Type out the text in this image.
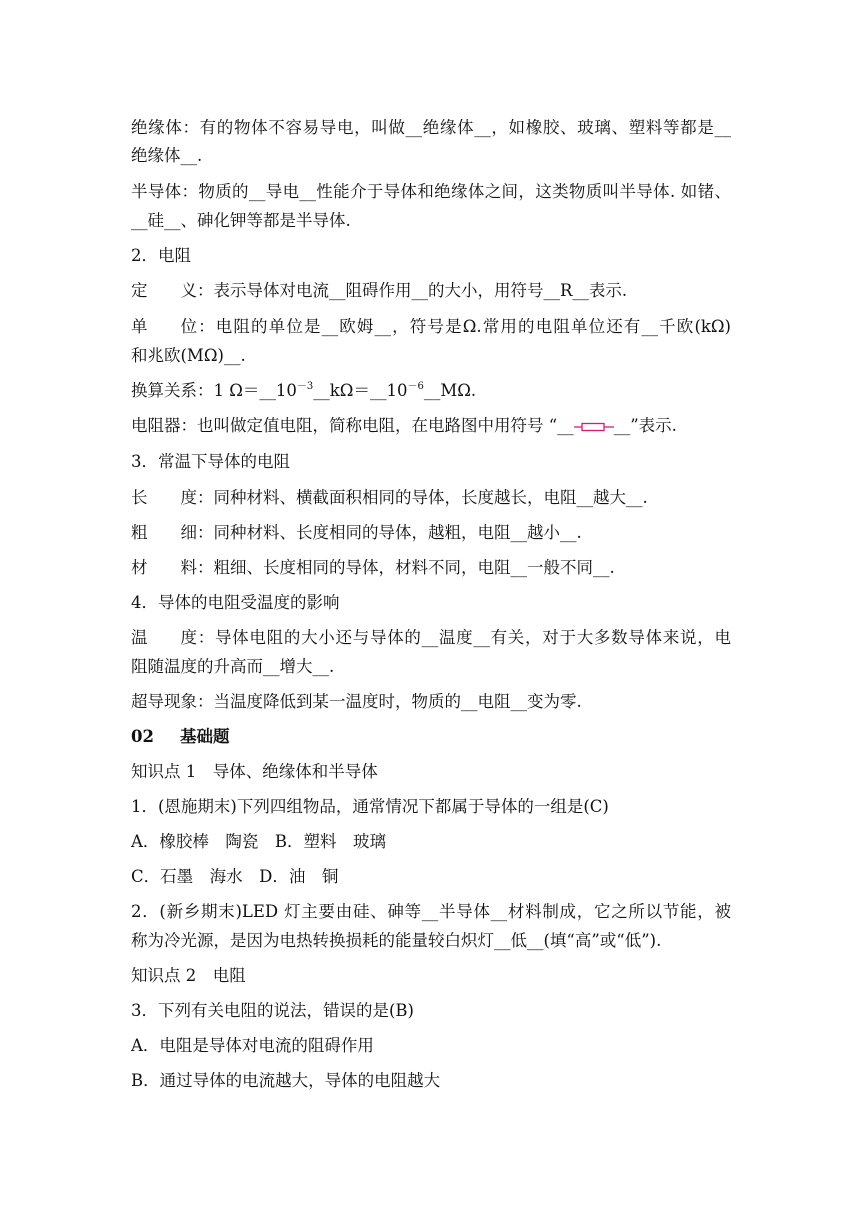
绝缘体：有的物体不容易导电，叫做__绝缘体__，如橡胶、玻璃、塑料等都是__
绝缘体__.
半导体：物质的__导电__性能介于导体和绝缘体之间，这类物质叫半导体. 如锗、
__硅__、砷化钾等都是半导体.
2．电阻
定　　义：表示导体对电流__阻碍作用__的大小，用符号__R__表示.
单　　位：电阻的单位是__欧姆__，符号是Ω.常用的电阻单位还有__千欧(kΩ)
和兆欧(MΩ)__.
换算关系：1 $\Omega=\_\_10^{-3}\_\_k\Omega=\_\_10^{-6}\_\_M\Omega$.
电阻器：也叫做定值电阻，简称电阻，在电路图中用符号 “__ __”表示.
3．常温下导体的电阻
长　　度：同种材料、横截面积相同的导体，长度越长，电阻__越大__.
粗　　细：同种材料、长度相同的导体，越粗，电阻__越小__.
材　　料：粗细、长度相同的导体，材料不同，电阻__一般不同__.
4．导体的电阻受温度的影响
温　　度：导体电阻的大小还与导体的__温度__有关，对于大多数导体来说，电
阻随温度的升高而__增大__.
超导现象：当温度降低到某一温度时，物质的__电阻__变为零.
02 基础题
知识点 1　导体、绝缘体和半导体
1．(恩施期末)下列四组物品，通常情况下都属于导体的一组是(C)
A．橡胶棒　陶瓷　B．塑料　玻璃
C．石墨　海水　D．油　铜
2．(新乡期末)LED 灯主要由硅、砷等__半导体__材料制成，它之所以节能，被
称为冷光源，是因为电热转换损耗的能量较白炽灯__低__(填“高”或“低”).
知识点 2　电阻
3．下列有关电阻的说法，错误的是(B)
A．电阻是导体对电流的阻碍作用
B．通过导体的电流越大，导体的电阻越大
